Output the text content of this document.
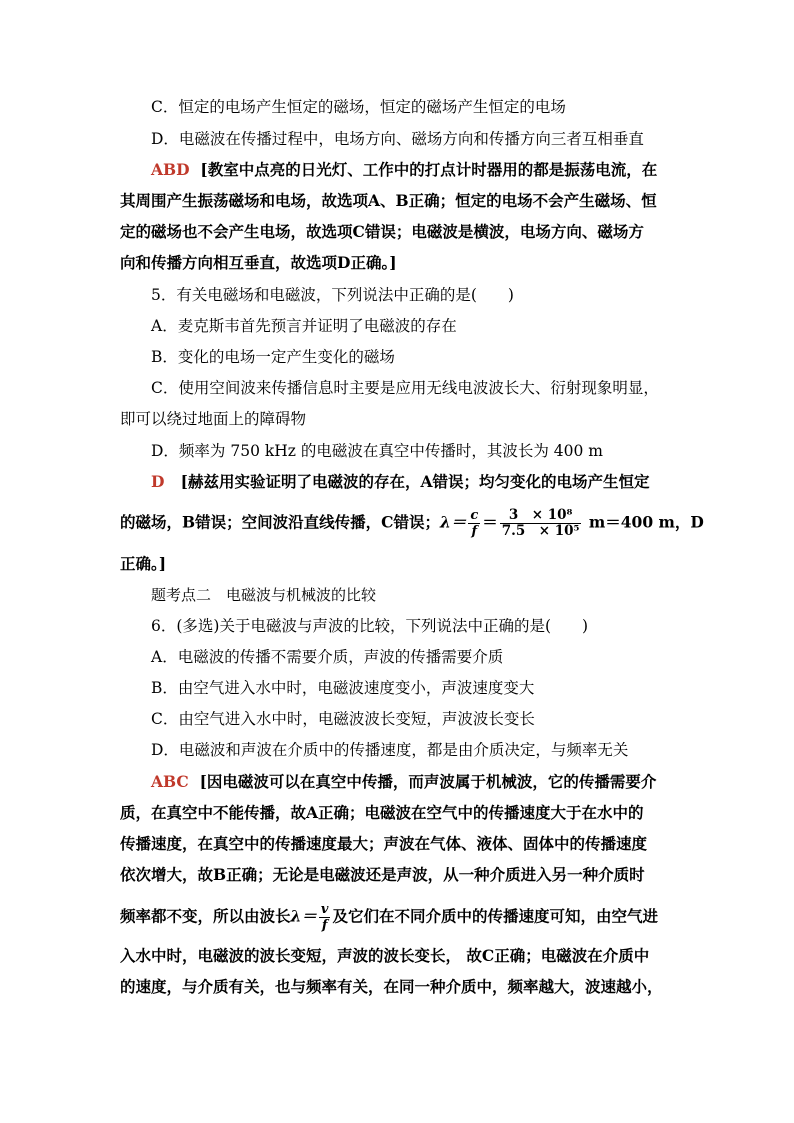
C．恒定的电场产生恒定的磁场，恒定的磁场产生恒定的电场
D．电磁波在传播过程中，电场方向、磁场方向和传播方向三者互相垂直
ABD [教室中点亮的日光灯、工作中的打点计时器用的都是振荡电流，在
其周围产生振荡磁场和电场，故选项A、B正确；恒定的电场不会产生磁场、恒
定的磁场也不会产生电场，故选项C错误；电磁波是横波，电场方向、磁场方
向和传播方向相互垂直，故选项D正确。]
5．有关电磁场和电磁波，下列说法中正确的是(　　)
A．麦克斯韦首先预言并证明了电磁波的存在
B．变化的电场一定产生变化的磁场
C．使用空间波来传播信息时主要是应用无线电波波长大、衍射现象明显，
即可以绕过地面上的障碍物
D．频率为 750 kHz 的电磁波在真空中传播时，其波长为 400 m
D [赫兹用实验证明了电磁波的存在，A错误；均匀变化的电场产生恒定
的磁场，B错误；空间波沿直线传播，C错误；$\lambda= \frac{c}{f} = \frac{\text{3　× 10⁸}}{\text{7.5　× 10⁵}} m=400$ m，D
正确。]
题考点二　电磁波与机械波的比较
6．(多选)关于电磁波与声波的比较，下列说法中正确的是(　　)
A．电磁波的传播不需要介质，声波的传播需要介质
B．由空气进入水中时，电磁波速度变小，声波速度变大
C．由空气进入水中时，电磁波波长变短，声波波长变长
D．电磁波和声波在介质中的传播速度，都是由介质决定，与频率无关
ABC [因电磁波可以在真空中传播，而声波属于机械波，它的传播需要介
质，在真空中不能传播，故A正确；电磁波在空气中的传播速度大于在水中的
传播速度，在真空中的传播速度最大；声波在气体、液体、固体中的传播速度
依次增大，故B正确；无论是电磁波还是声波，从一种介质进入另一种介质时
频率都不变，所以由波长$\lambda= \frac{v}{f}$ 及它们在不同介质中的传播速度可知，由空气进
入水中时，电磁波的波长变短，声波的波长变长， 故C正确；电磁波在介质中
的速度，与介质有关，也与频率有关，在同一种介质中，频率越大，波速越小，
